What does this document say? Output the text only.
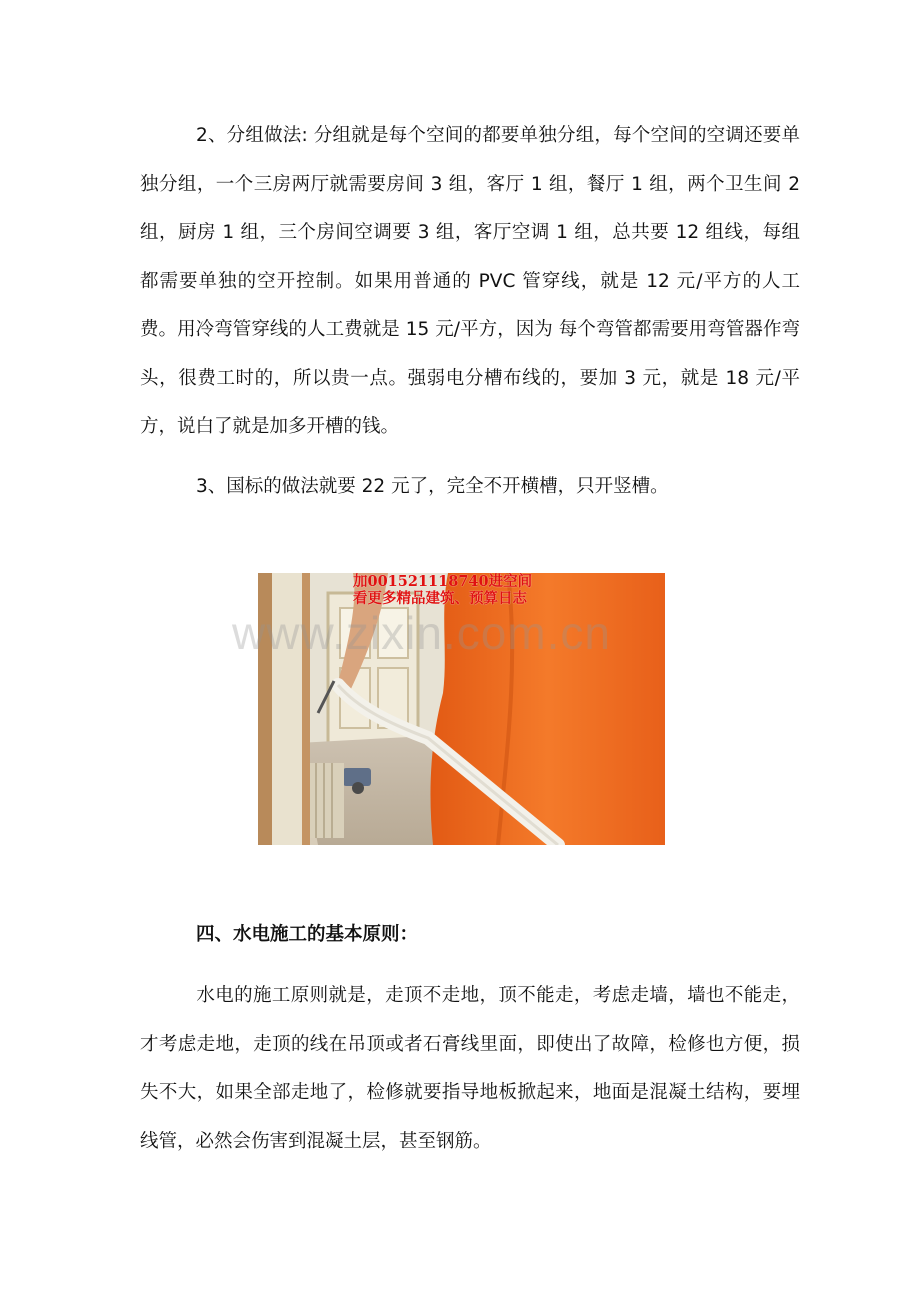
2、分组做法: 分组就是每个空间的都要单独分组，每个空间的空调还要单独分组，一个三房两厅就需要房间 3 组，客厅 1 组，餐厅 1 组，两个卫生间 2 组，厨房 1 组，三个房间空调要 3 组，客厅空调 1 组，总共要 12 组线，每组都需要单独的空开控制。如果用普通的 PVC 管穿线，就是 12 元/平方的人工费。用冷弯管穿线的人工费就是 15 元/平方，因为 每个弯管都需要用弯管器作弯头，很费工时的，所以贵一点。强弱电分槽布线的，要加 3 元，就是 18 元/平方，说白了就是加多开槽的钱。

3、国标的做法就要 22 元了，完全不开横槽，只开竖槽。

加001521118740进空间
看更多精品建筑、预算日志
www.zixin.com.cn

四、水电施工的基本原则：

水电的施工原则就是，走顶不走地，顶不能走，考虑走墙，墙也不能走，才考虑走地，走顶的线在吊顶或者石膏线里面，即使出了故障，检修也方便，损失不大，如果全部走地了，检修就要指导地板掀起来，地面是混凝土结构，要埋线管，必然会伤害到混凝土层，甚至钢筋。
